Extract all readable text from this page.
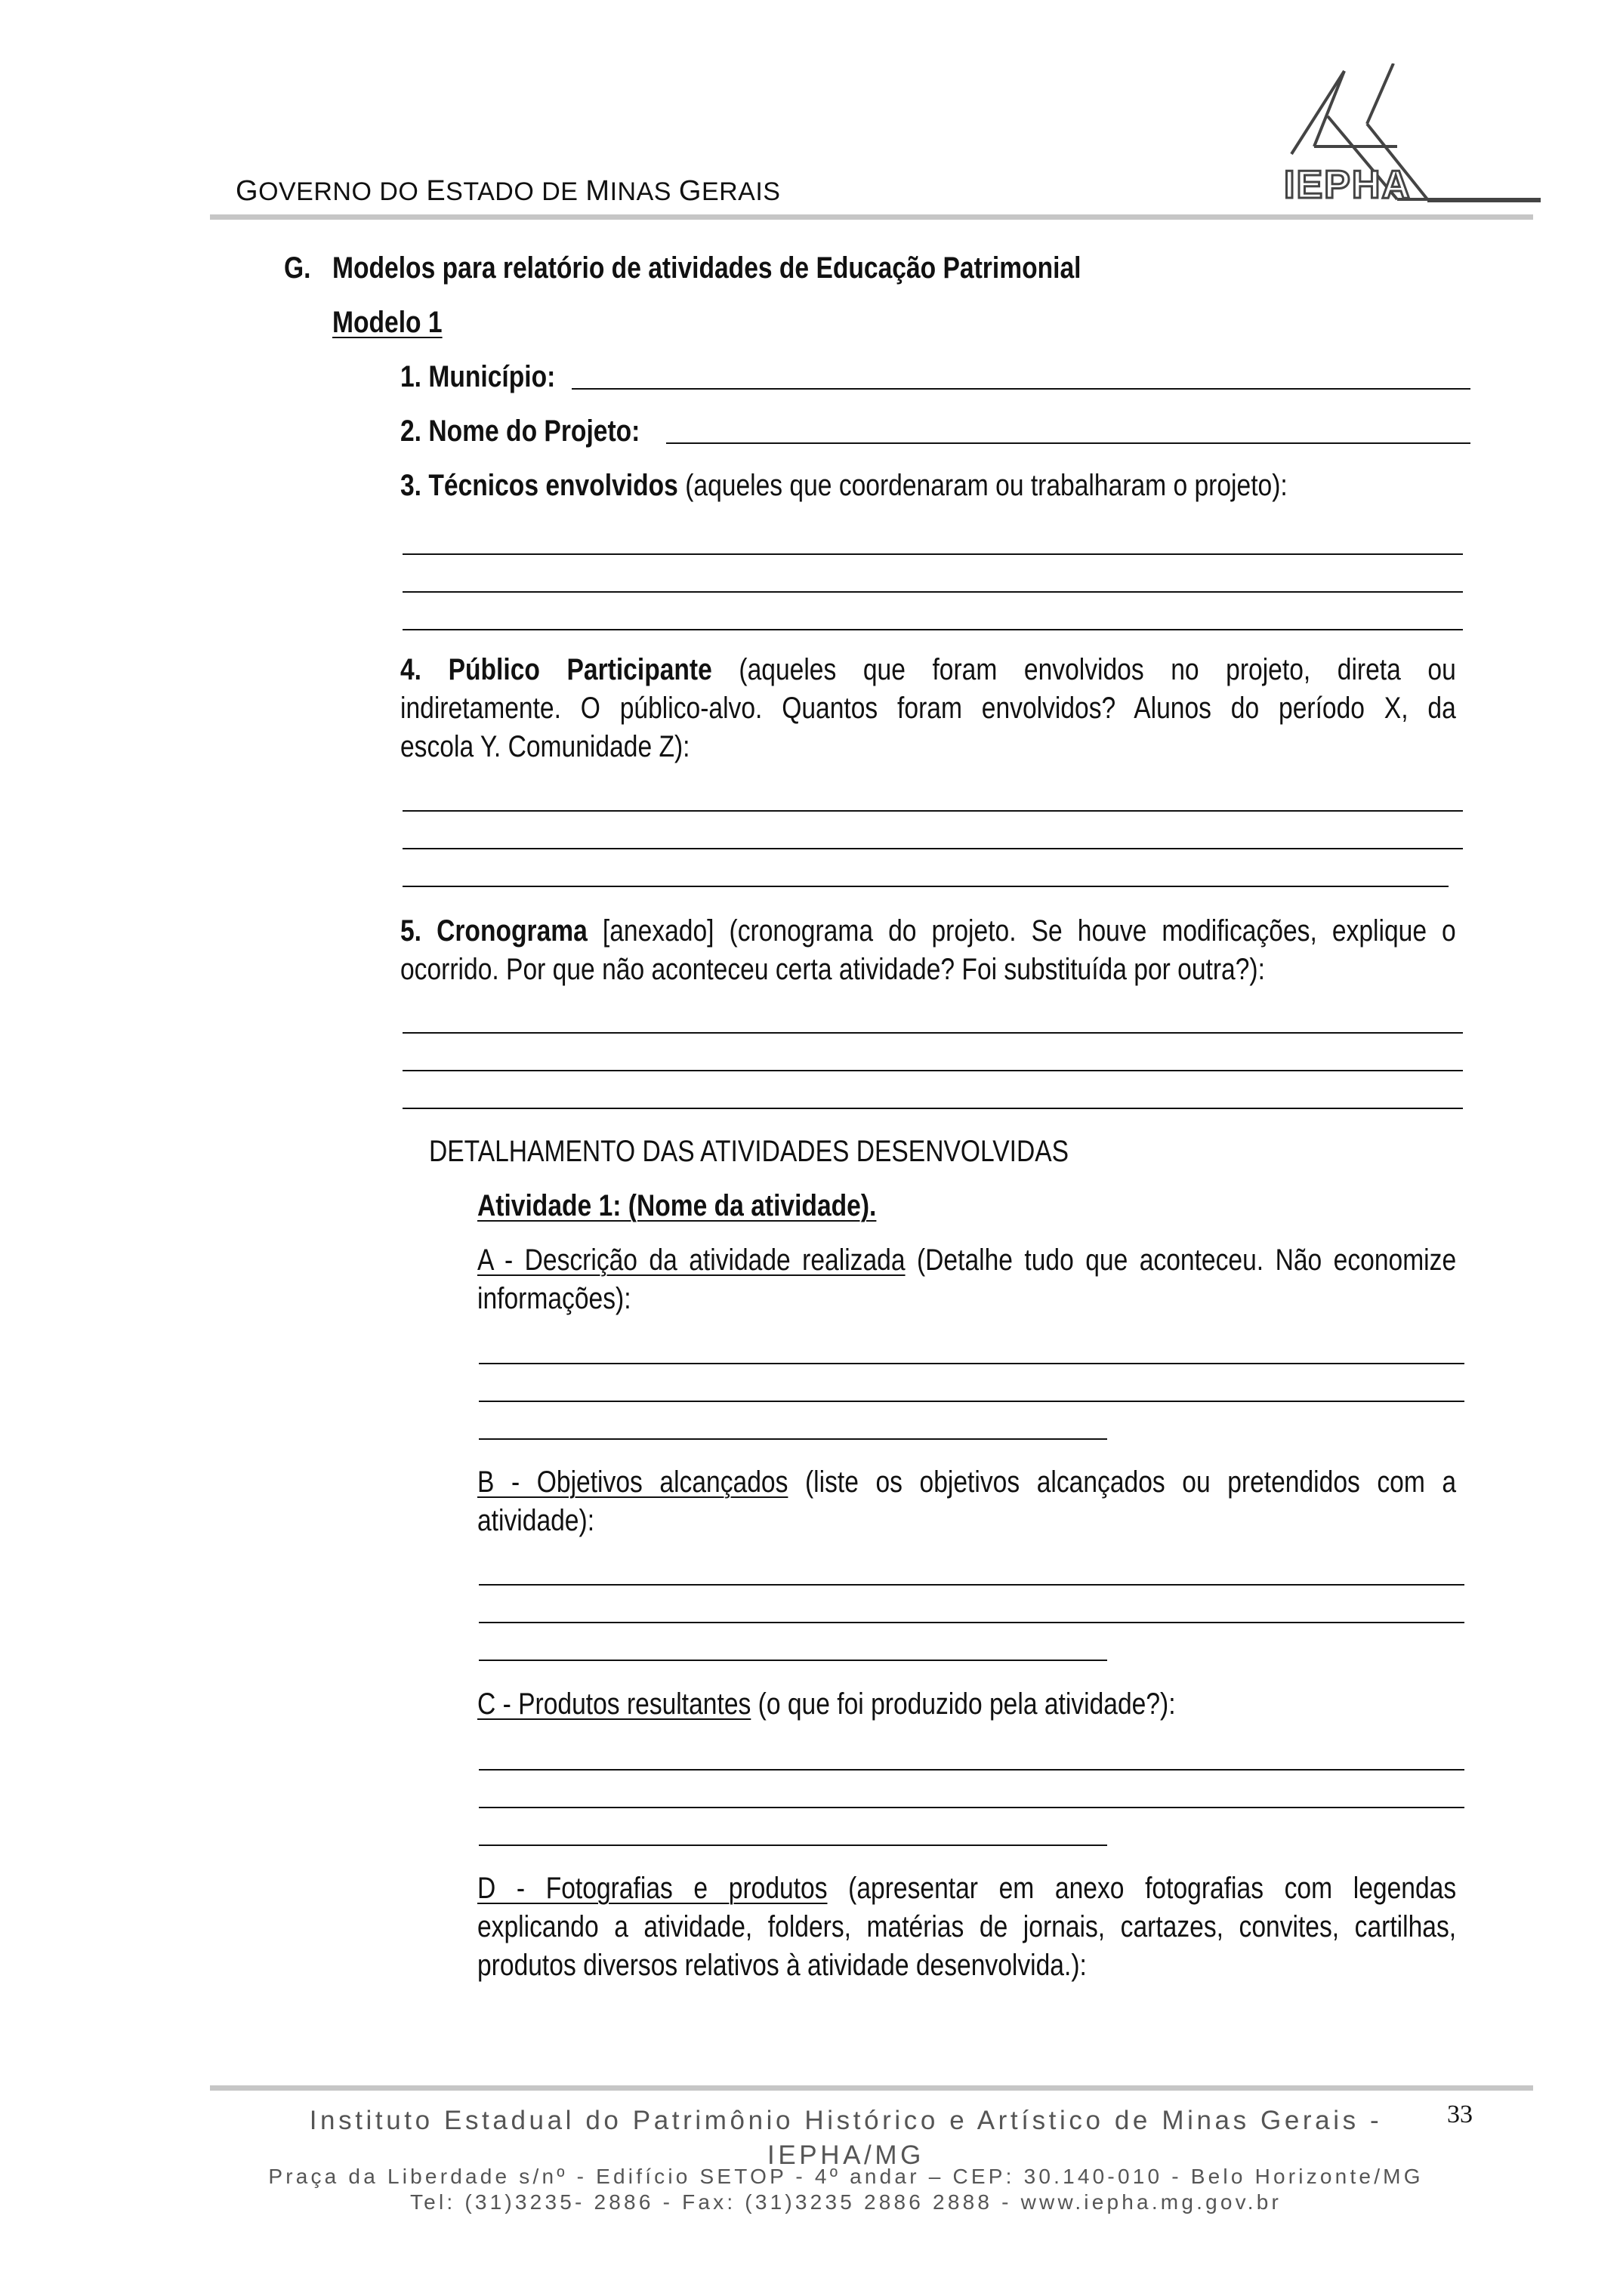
GOVERNO DO ESTADO DE MINAS GERAIS	IEPHA
G. Modelos para relatório de atividades de Educação Patrimonial
Modelo 1
1. Município:
2. Nome do Projeto:
3. Técnicos envolvidos (aqueles que coordenaram ou trabalharam o projeto):
4. Público Participante (aqueles que foram envolvidos no projeto, direta ou
indiretamente. O público-alvo. Quantos foram envolvidos? Alunos do período X, da
escola Y. Comunidade Z):
5. Cronograma [anexado] (cronograma do projeto. Se houve modificações, explique o
ocorrido. Por que não aconteceu certa atividade? Foi substituída por outra?):
DETALHAMENTO DAS ATIVIDADES DESENVOLVIDAS
Atividade 1: (Nome da atividade).
A - Descrição da atividade realizada (Detalhe tudo que aconteceu. Não economize
informações):
B - Objetivos alcançados (liste os objetivos alcançados ou pretendidos com a
atividade):
C - Produtos resultantes (o que foi produzido pela atividade?):
D - Fotografias e produtos (apresentar em anexo fotografias com legendas
explicando a atividade, folders, matérias de jornais, cartazes, convites, cartilhas,
produtos diversos relativos à atividade desenvolvida.):
Instituto Estadual do Patrimônio Histórico e Artístico de Minas Gerais -
IEPHA/MG
33
Praça da Liberdade s/nº - Edifício SETOP - 4º andar – CEP: 30.140-010 - Belo Horizonte/MG
Tel: (31)3235- 2886 - Fax: (31)3235 2886 2888 - www.iepha.mg.gov.br
